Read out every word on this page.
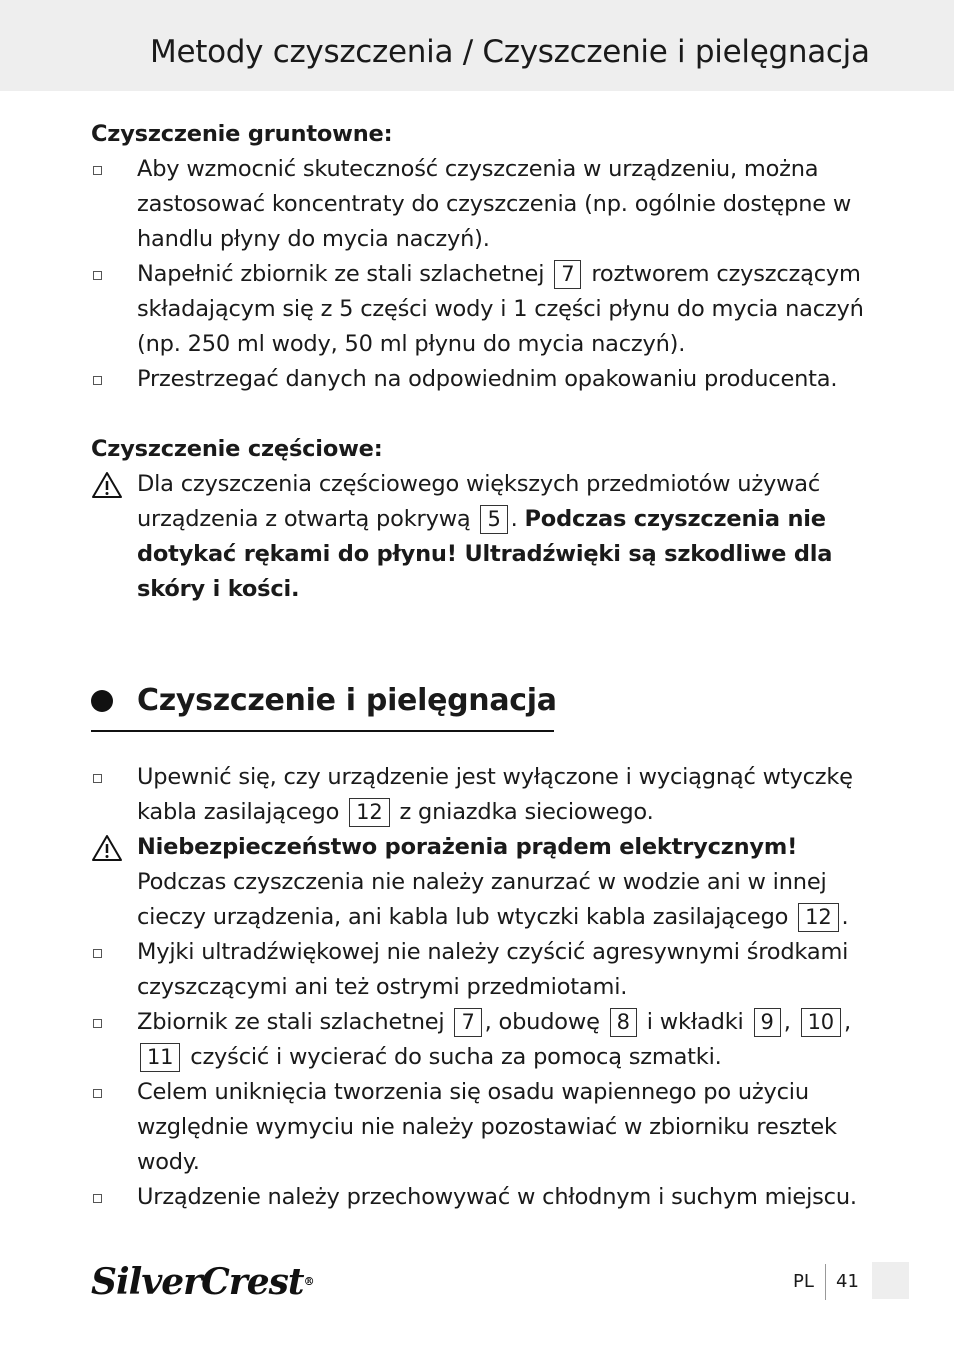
Metody czyszczenia / Czyszczenie i pielęgnacja

Czyszczenie gruntowne:

Aby wzmocnić skuteczność czyszczenia w urządzeniu, można zastosować koncentraty do czyszczenia (np. ogólnie dostępne w handlu płyny do mycia naczyń).

Napełnić zbiornik ze stali szlachetnej 7 roztworem czyszczącym składającym się z 5 części wody i 1 części płynu do mycia naczyń (np. 250 ml wody, 50 ml płynu do mycia naczyń).

Przestrzegać danych na odpowiednim opakowaniu producenta.

Czyszczenie częściowe:

Dla czyszczenia częściowego większych przedmiotów używać urządzenia z otwartą pokrywą 5 . Podczas czyszczenia nie dotykać rękami do płynu! Ultradźwięki są szkodliwe dla skóry i kości.

Czyszczenie i pielęgnacja

Upewnić się, czy urządzenie jest wyłączone i wyciągnąć wtyczkę kabla zasilającego 12 z gniazdka sieciowego.

Niebezpieczeństwo porażenia prądem elektrycznym!
Podczas czyszczenia nie należy zanurzać w wodzie ani w innej cieczy urządzenia, ani kabla lub wtyczki kabla zasilającego 12 .

Myjki ultradźwiękowej nie należy czyścić agresywnymi środkami czyszczącymi ani też ostrymi przedmiotami.

Zbiornik ze stali szlachetnej 7 , obudowę 8 i wkładki 9 , 10 , 11 czyścić i wycierać do sucha za pomocą szmatki.

Celem uniknięcia tworzenia się osadu wapiennego po użyciu względnie wymyciu nie należy pozostawiać w zbiorniku resztek wody.

Urządzenie należy przechowywać w chłodnym i suchym miejscu.

SilverCrest®	PL 41
